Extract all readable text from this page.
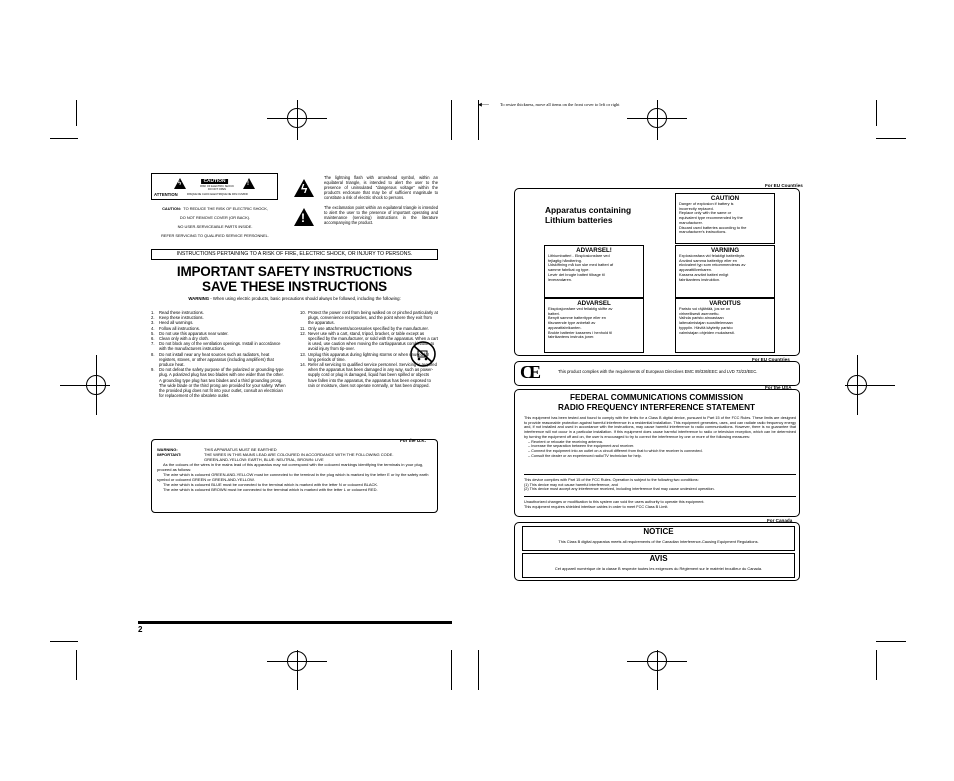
ϟ	!
CAUTION
RISK OF ELECTRIC SHOCK DO NOT OPEN
ATTENTION	RISQUE DE CHOC ELECTRIQUE NE PAS OUVRIR
CAUTION: TO REDUCE THE RISK OF ELECTRIC SHOCK,
DO NOT REMOVE COVER (OR BACK).
NO USER-SERVICEABLE PARTS INSIDE.
REFER SERVICING TO QUALIFIED SERVICE PERSONNEL.
ϟ
The lightning flash with arrowhead symbol, within an equilateral triangle, is intended to alert the user to the presence of uninsulated "dangerous voltage" within the product's enclosure that may be of sufficient magnitude to constitute a risk of electric shock to persons.
!
The exclamation point within an equilateral triangle is intended to alert the user to the presence of important operating and maintenance (servicing) instructions in the literature accompanying the product.
INSTRUCTIONS PERTAINING TO A RISK OF FIRE, ELECTRIC SHOCK, OR INJURY TO PERSONS.
IMPORTANT SAFETY INSTRUCTIONS
SAVE THESE INSTRUCTIONS
WARNING - When using electric products, basic precautions should always be followed, including the following:
1.	Read these instructions.
2.	Keep these instructions.
3.	Heed all warnings.
4.	Follow all instructions.
5.	Do not use this apparatus near water.
6.	Clean only with a dry cloth.
7.	Do not block any of the ventilation openings. Install in accordance with the manufacturers instructions.
8.	Do not install near any heat sources such as radiators, heat registers, stoves, or other apparatus (including amplifiers) that produce heat.
9.	Do not defeat the safety purpose of the polarized or grounding-type plug. A polarized plug has two blades with one wider than the other. A grounding type plug has two blades and a third grounding prong. The wide blade or the third prong are provided for your safety. When the provided plug does not fit into your outlet, consult an electrician for replacement of the obsolete outlet.
10. Protect the power cord from being walked on or pinched particularly at plugs, convenience receptacles, and the point where they exit from the apparatus.
11. Only use attachments/accessories specified by the manufacturer.
12. Never use with a cart, stand, tripod, bracket, or table except as specified by the manufacturer, or sold with the apparatus. When a cart is used, use caution when moving the cart/apparatus combination to avoid injury from tip-over.
13. Unplug this apparatus during lightning storms or when unused for long periods of time.
14. Refer all servicing to qualified service personnel. Servicing is required when the apparatus has been damaged in any way, such as power-supply cord or plug is damaged, liquid has been spilled or objects have fallen into the apparatus, the apparatus has been exposed to rain or moisture, does not operate normally, or has been dropped.
For the U.K.
WARNING:	THIS APPARATUS MUST BE EARTHED
IMPORTANT:	THE WIRES IN THIS MAINS LEAD ARE COLOURED IN ACCORDANCE WITH THE FOLLOWING CODE.
GREEN-AND-YELLOW: EARTH, BLUE: NEUTRAL, BROWN: LIVE
As the colours of the wires in the mains lead of this apparatus may not correspond with the coloured markings identifying the terminals in your plug, proceed as follows:
The wire which is coloured GREEN-AND-YELLOW must be connected to the terminal in the plug which is marked by the letter E or by the safety earth symbol or coloured GREEN or GREEN-AND-YELLOW.
The wire which is coloured BLUE must be connected to the terminal which is marked with the letter N or coloured BLACK.
The wire which is coloured BROWN must be connected to the terminal which is marked with the letter L or coloured RED.
2
◀──	To resize thickness, move all items on the front cover to left or right
For EU Countries
Apparatus containing
Lithium batteries
CAUTION
Danger of explosion if battery is
incorrectly replaced.
Replace only with the same or
equivalent type recommended by the
manufacturer.
Discard used batteries according to the
manufacturer's instructions.
ADVARSEL!
Lithiumbatteri - Eksplosionsfare ved
fejlagtig håndtering.
Udskiftning må kun ske med batteri af
samme fabrikat og type.
Levér det brugte batteri tilbage til
leverandøren.
VARNING
Explosionsfara vid felaktigt batteribyte.
Använd samma batterityp eller en
ekvivalent typ som rekommenderas av
apparattillverkaren.
Kassera använt batteri enligt
fabrikantens instruktion.
ADVARSEL
Eksplosjonsfare ved feilaktig skifte av
batteri.
Benytt samme batteritype eller en
tilsvarende type anbefalt av
apparatfabrikanten.
Brukte batterier kasseres i henhold til
fabrikantens instruks joner.
VAROITUS
Paristo voi räjähtää, jos se on
virheellisesti asennettu.
Vaihda paristo ainoastaan
laitevalmistajan suosittelemaan
tyyppiin. Hävitä käytetty paristo
valmistajan ohjeiden mukaisesti.
For EU Countries
CE	This product complies with the requirements of European Directives EMC 89/336/EEC and LVD 73/23/EEC.
For the USA
FEDERAL COMMUNICATIONS COMMISSION
RADIO FREQUENCY INTERFERENCE STATEMENT
This equipment has been tested and found to comply with the limits for a Class B digital device, pursuant to Part 15 of the FCC Rules. These limits are designed to provide reasonable protection against harmful interference in a residential installation. This equipment generates, uses, and can radiate radio frequency energy and, if not installed and used in accordance with the instructions, may cause harmful interference to radio communications. However, there is no guarantee that interference will not occur in a particular installation. If this equipment does cause harmful interference to radio or television reception, which can be determined by turning the equipment off and on, the user is encouraged to try to correct the interference by one or more of the following measures:
– Reorient or relocate the receiving antenna.
– Increase the separation between the equipment and receiver.
– Connect the equipment into an outlet on a circuit different from that to which the receiver is connected.
– Consult the dealer or an experienced radio/TV technician for help.
This device complies with Part 15 of the FCC Rules. Operation is subject to the following two conditions:
(1) This device may not cause harmful interference, and
(2) This device must accept any interference received, including interference that may cause undesired operation.
Unauthorized changes or modification to this system can void the users authority to operate this equipment.
This equipment requires shielded interface cables in order to meet FCC Class B Limit.
For Canada
NOTICE
This Class B digital apparatus meets all requirements of the Canadian Interference-Causing Equipment Regulations.
AVIS
Cet appareil numérique de la classe B respecte toutes les exigences du Règlement sur le matériel brouilleur du Canada.
